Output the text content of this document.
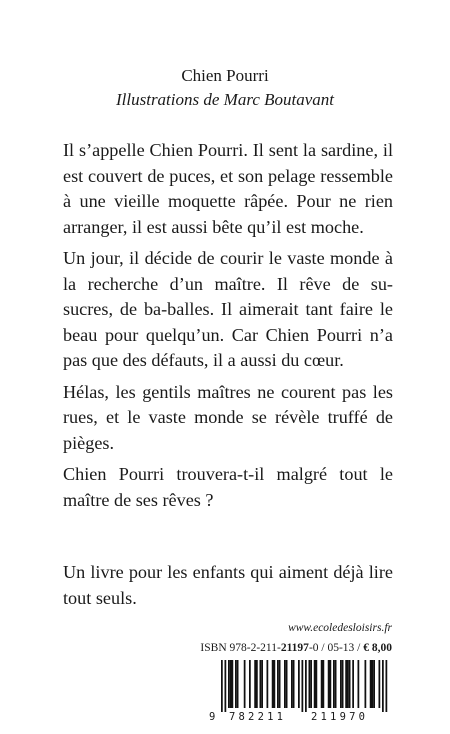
Chien Pourri
Illustrations de Marc Boutavant

Il s’appelle Chien Pourri. Il sent la sardine, il est couvert de puces, et son pelage ressemble à une vieille moquette râpée. Pour ne rien arranger, il est aussi bête qu’il est moche.

Un jour, il décide de courir le vaste monde à la recherche d’un maître. Il rêve de su-sucres, de ba-balles. Il aimerait tant faire le beau pour quelqu’un. Car Chien Pourri n’a pas que des défauts, il a aussi du cœur.

Hélas, les gentils maîtres ne courent pas les rues, et le vaste monde se révèle truffé de pièges.

Chien Pourri trouvera-t-il malgré tout le maître de ses rêves ?

Un livre pour les enfants qui aiment déjà lire tout seuls.
www.ecoledesloisirs.fr
ISBN 978-2-211-21197-0 / 05-13 / € 8,00
9 782211 211970
